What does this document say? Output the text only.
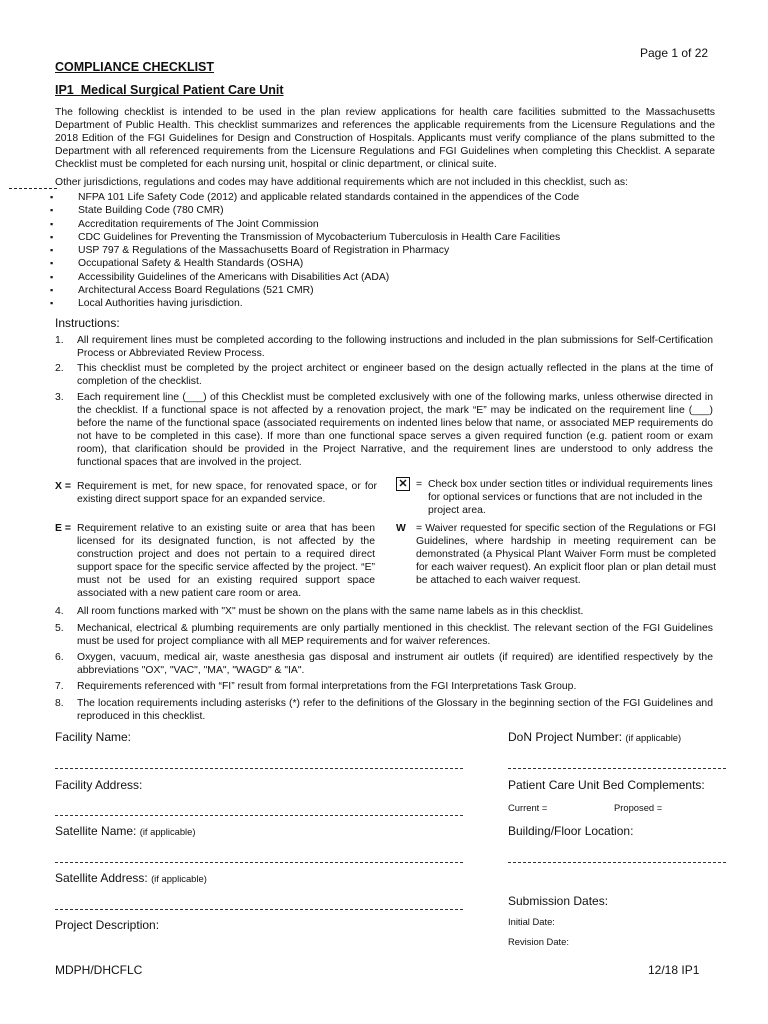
Page 1 of 22
COMPLIANCE CHECKLIST
IP1_Medical Surgical Patient Care Unit

The following checklist is intended to be used in the plan review applications for health care facilities submitted to the Massachusetts Department of Public Health. This checklist summarizes and references the applicable requirements from the Licensure Regulations and the 2018 Edition of the FGI Guidelines for Design and Construction of Hospitals. Applicants must verify compliance of the plans submitted to the Department with all referenced requirements from the Licensure Regulations and FGI Guidelines when completing this Checklist. A separate Checklist must be completed for each nursing unit, hospital or clinic department, or clinical suite.

Other jurisdictions, regulations and codes may have additional requirements which are not included in this checklist, such as:

▪ NFPA 101 Life Safety Code (2012) and applicable related standards contained in the appendices of the Code
▪ State Building Code (780 CMR)
▪ Accreditation requirements of The Joint Commission
▪ CDC Guidelines for Preventing the Transmission of Mycobacterium Tuberculosis in Health Care Facilities
▪ USP 797 & Regulations of the Massachusetts Board of Registration in Pharmacy
▪ Occupational Safety & Health Standards (OSHA)
▪ Accessibility Guidelines of the Americans with Disabilities Act (ADA)
▪ Architectural Access Board Regulations (521 CMR)
▪ Local Authorities having jurisdiction.

Instructions:

1. All requirement lines must be completed according to the following instructions and included in the plan submissions for Self-Certification Process or Abbreviated Review Process.
2. This checklist must be completed by the project architect or engineer based on the design actually reflected in the plans at the time of completion of the checklist.
3. Each requirement line (___) of this Checklist must be completed exclusively with one of the following marks, unless otherwise directed in the checklist. If a functional space is not affected by a renovation project, the mark “E” may be indicated on the requirement line (___) before the name of the functional space (associated requirements on indented lines below that name, or associated MEP requirements do not have to be completed in this case). If more than one functional space serves a given required function (e.g. patient room or exam room), that clarification should be provided in the Project Narrative, and the requirement lines are understood to only address the functional spaces that are involved in the project.
X = Requirement is met, for new space, for renovated space, or for existing direct support space for an expanded service.
✕ = Check box under section titles or individual requirements lines for optional services or functions that are not included in the project area.
E = Requirement relative to an existing suite or area that has been licensed for its designated function, is not affected by the construction project and does not pertain to a required direct support space for the specific service affected by the project. “E” must not be used for an existing required support space associated with a new patient care room or area.
W = Waiver requested for specific section of the Regulations or FGI Guidelines, where hardship in meeting requirement can be demonstrated (a Physical Plant Waiver Form must be completed for each waiver request). An explicit floor plan or plan detail must be attached to each waiver request.
4. All room functions marked with "X" must be shown on the plans with the same name labels as in this checklist.
5. Mechanical, electrical & plumbing requirements are only partially mentioned in this checklist. The relevant section of the FGI Guidelines must be used for project compliance with all MEP requirements and for waiver references.
6. Oxygen, vacuum, medical air, waste anesthesia gas disposal and instrument air outlets (if required) are identified respectively by the abbreviations "OX", "VAC", "MA", "WAGD" & "IA".
7. Requirements referenced with “FI” result from formal interpretations from the FGI Interpretations Task Group.
8. The location requirements including asterisks (*) refer to the definitions of the Glossary in the beginning section of the FGI Guidelines and reproduced in this checklist.
Facility Name:
Facility Address:
Satellite Name: (if applicable)
Satellite Address: (if applicable)
Project Description:
DoN Project Number: (if applicable)
Patient Care Unit Bed Complements:
Current =	Proposed =
Building/Floor Location:
Submission Dates:
Initial Date:
Revision Date:
MDPH/DHCFLC	12/18 IP1
